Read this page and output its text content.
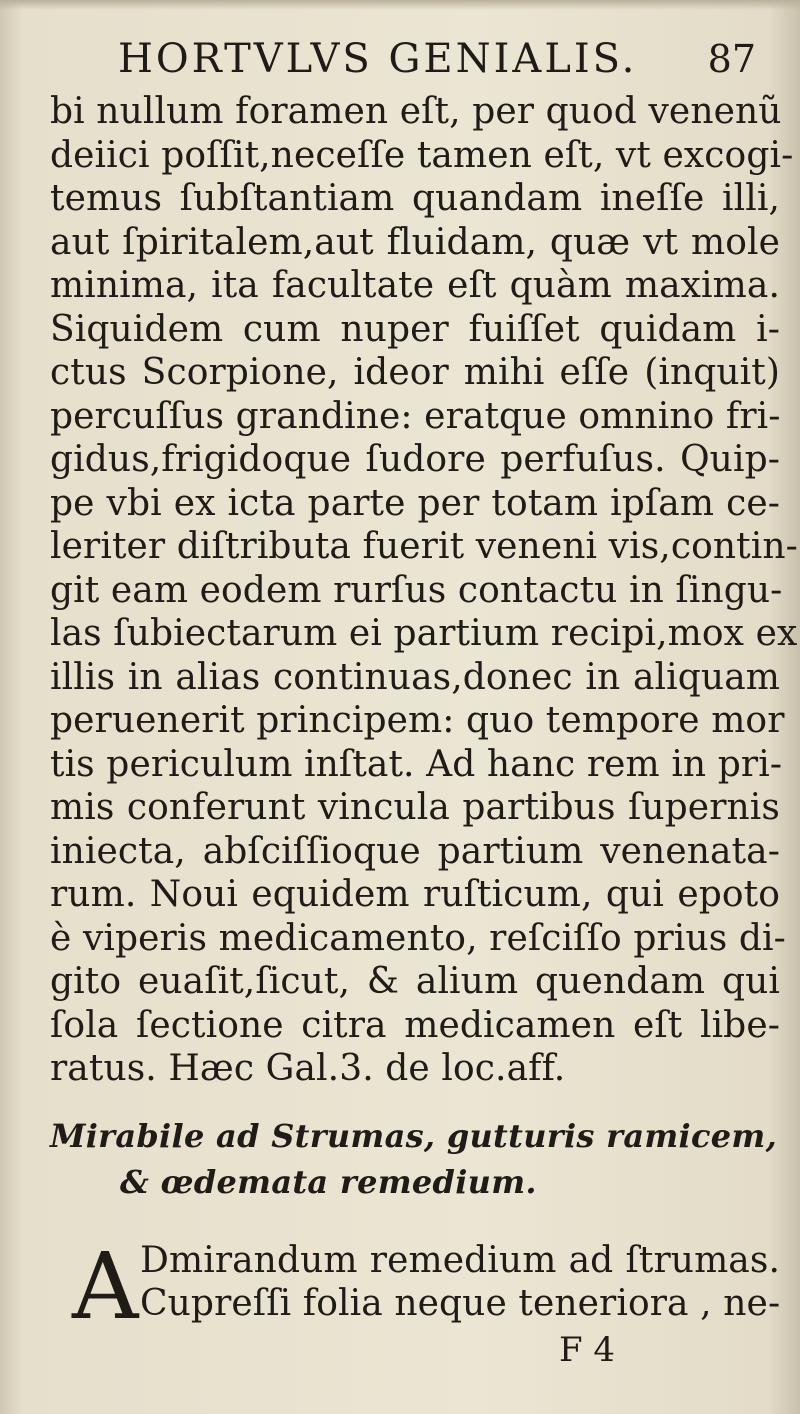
HORTVLVS GENIALIS. 87
bi nullum foramen eſt, per quod venenũ
deiici poſſit,neceſſe tamen eſt, vt excogi-
temus ſubſtantiam quandam ineſſe illi,
aut ſpiritalem,aut fluidam, quæ vt mole
minima, ita facultate eſt quàm maxima.
Siquidem cum nuper fuiſſet quidam i-
ctus Scorpione, ideor mihi eſſe (inquit)
percuſſus grandine: eratque omnino fri-
gidus,frigidoque ſudore perfuſus. Quip-
pe vbi ex icta parte per totam ipſam ce-
leriter diſtributa fuerit veneni vis,contin-
git eam eodem rurſus contactu in ſingu-
las ſubiectarum ei partium recipi,mox ex
illis in alias continuas,donec in aliquam
peruenerit principem: quo tempore mor
tis periculum inſtat. Ad hanc rem in pri-
mis conferunt vincula partibus ſupernis
iniecta, abſciſſioque partium venenata-
rum. Noui equidem ruſticum, qui epoto
è viperis medicamento, reſciſſo prius di-
gito euaſit,ſicut, & alium quendam qui
ſola ſectione citra medicamen eſt libe-
ratus. Hæc Gal.3. de loc.aff.
Mirabile ad Strumas, gutturis ramicem,
& œdemata remedium.
A Dmirandum remedium ad ſtrumas.
Cupreſſi folia neque teneriora , ne-
F 4
